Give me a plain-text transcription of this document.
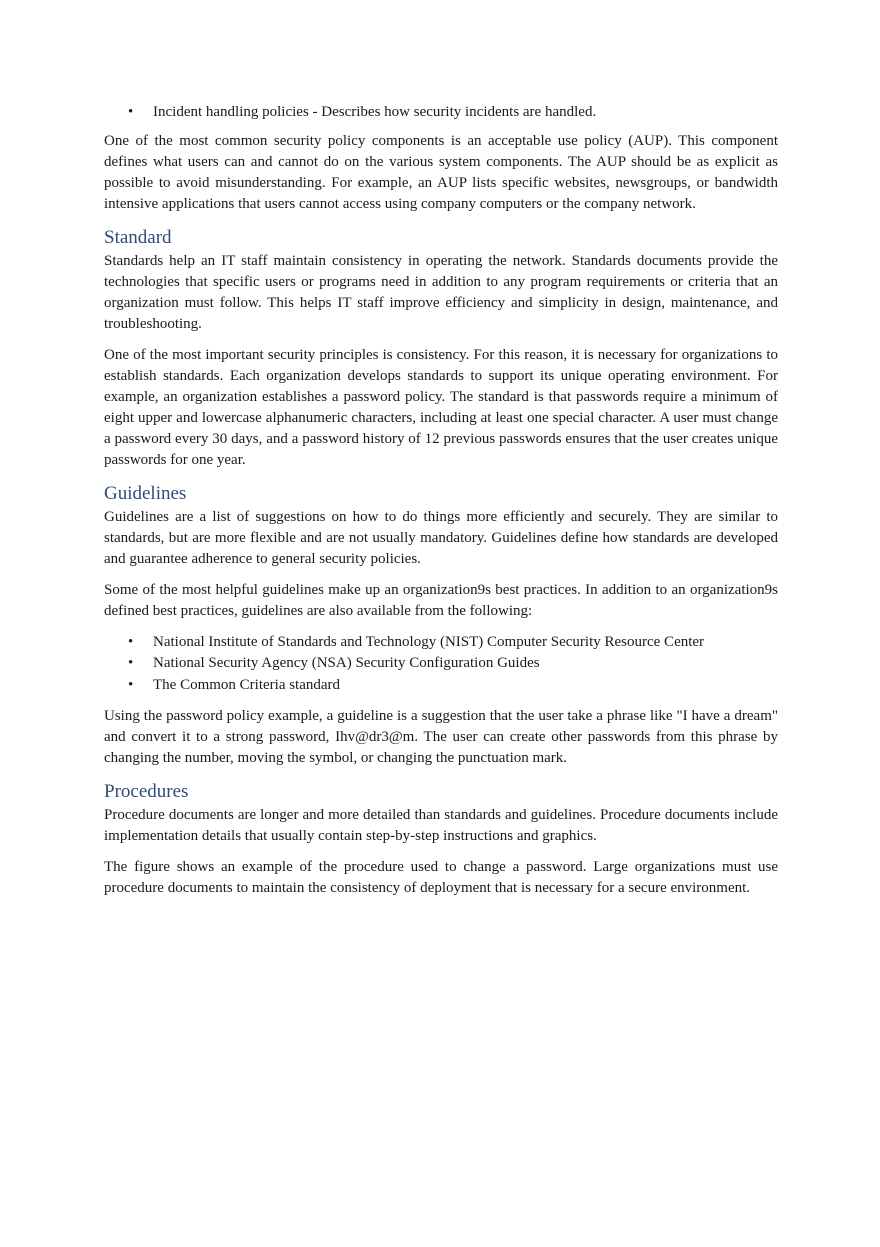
• Incident handling policies - Describes how security incidents are handled.

One of the most common security policy components is an acceptable use policy (AUP). This component defines what users can and cannot do on the various system components. The AUP should be as explicit as possible to avoid misunderstanding. For example, an AUP lists specific websites, newsgroups, or bandwidth intensive applications that users cannot access using company computers or the company network.

Standard

Standards help an IT staff maintain consistency in operating the network. Standards documents provide the technologies that specific users or programs need in addition to any program requirements or criteria that an organization must follow. This helps IT staff improve efficiency and simplicity in design, maintenance, and troubleshooting.

One of the most important security principles is consistency. For this reason, it is necessary for organizations to establish standards. Each organization develops standards to support its unique operating environment. For example, an organization establishes a password policy. The standard is that passwords require a minimum of eight upper and lowercase alphanumeric characters, including at least one special character. A user must change a password every 30 days, and a password history of 12 previous passwords ensures that the user creates unique passwords for one year.

Guidelines

Guidelines are a list of suggestions on how to do things more efficiently and securely. They are similar to standards, but are more flexible and are not usually mandatory. Guidelines define how standards are developed and guarantee adherence to general security policies.

Some of the most helpful guidelines make up an organization9s best practices. In addition to an organization9s defined best practices, guidelines are also available from the following:

• National Institute of Standards and Technology (NIST) Computer Security Resource Center
• National Security Agency (NSA) Security Configuration Guides
• The Common Criteria standard

Using the password policy example, a guideline is a suggestion that the user take a phrase like "I have a dream" and convert it to a strong password, Ihv@dr3@m. The user can create other passwords from this phrase by changing the number, moving the symbol, or changing the punctuation mark.

Procedures

Procedure documents are longer and more detailed than standards and guidelines. Procedure documents include implementation details that usually contain step-by-step instructions and graphics.

The figure shows an example of the procedure used to change a password. Large organizations must use procedure documents to maintain the consistency of deployment that is necessary for a secure environment.
